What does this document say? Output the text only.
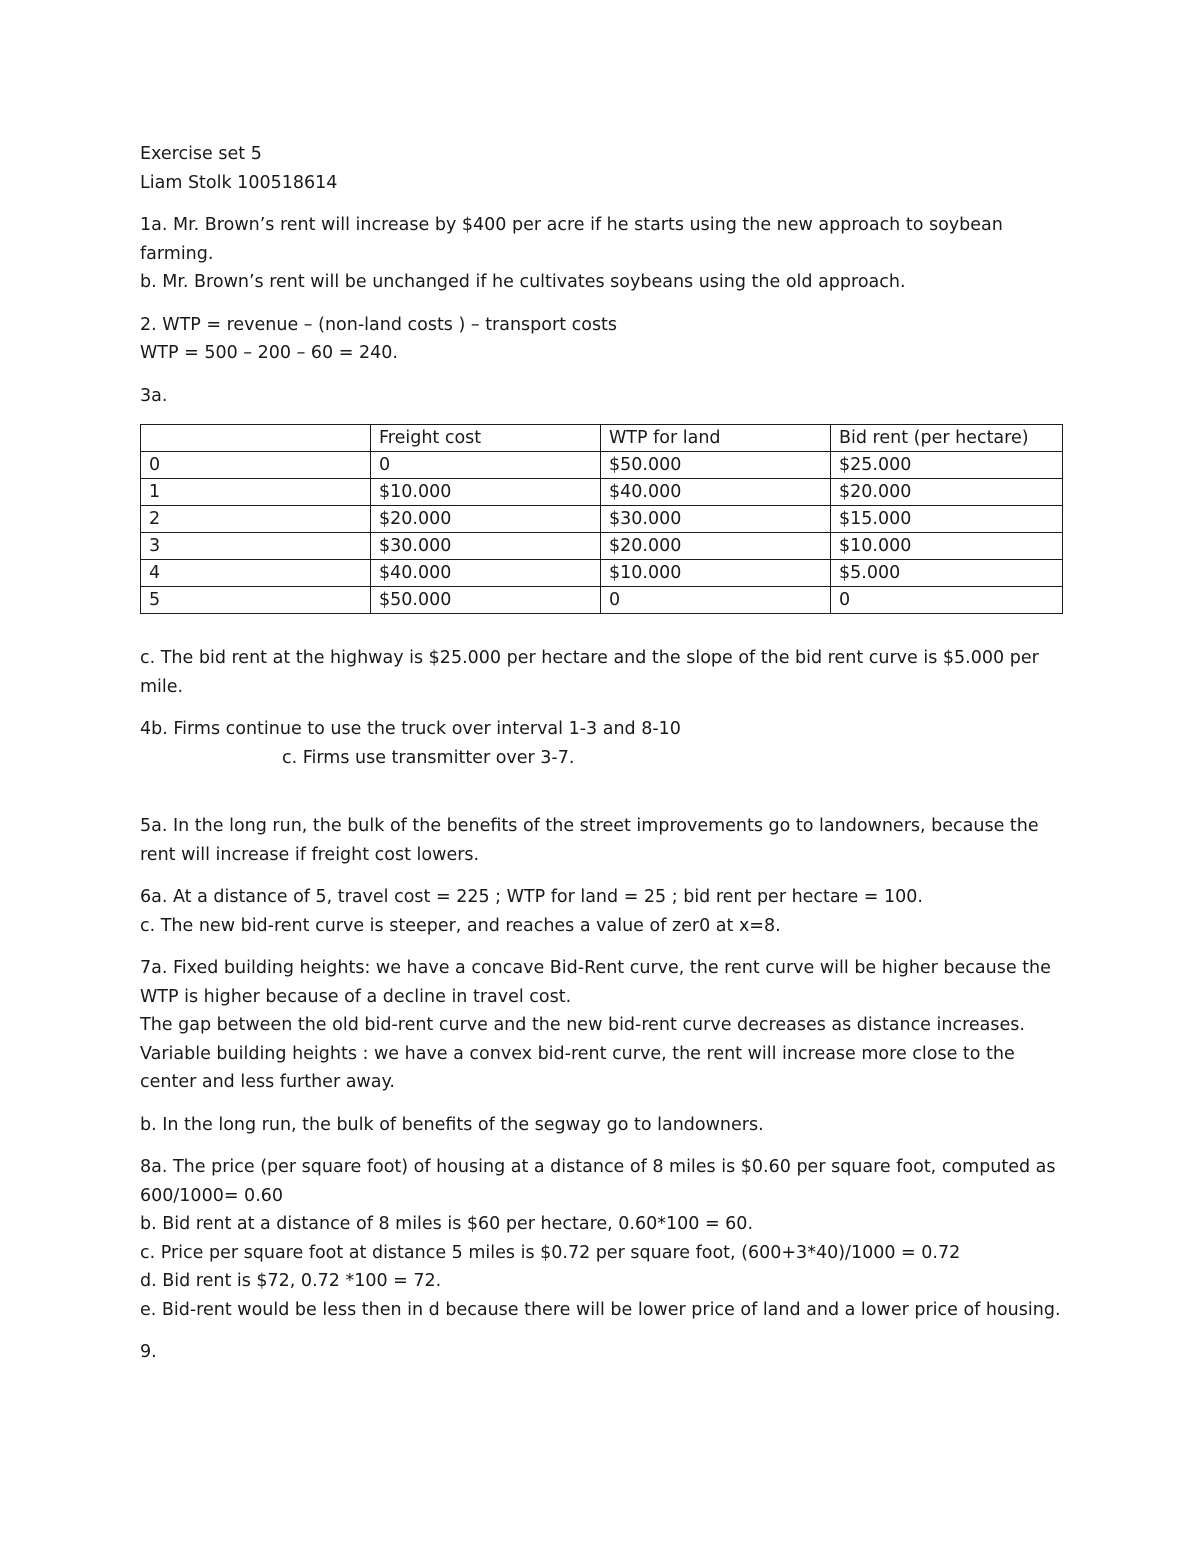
Exercise set 5
Liam Stolk 100518614
1a. Mr. Brown’s rent will increase by $400 per acre if he starts using the new approach to soybean farming.
b. Mr. Brown’s rent will be unchanged if he cultivates soybeans using the old approach.
2. WTP = revenue – (non-land costs ) – transport costs
WTP = 500 – 200 – 60 = 240.
3a.
	Freight cost	WTP for land	Bid rent (per hectare)
0	0	$50.000	$25.000
1	$10.000	$40.000	$20.000
2	$20.000	$30.000	$15.000
3	$30.000	$20.000	$10.000
4	$40.000	$10.000	$5.000
5	$50.000	0	0
c. The bid rent at the highway is $25.000 per hectare and the slope of the bid rent curve is $5.000 per mile.
4b. Firms continue to use the truck over interval 1-3 and 8-10
c. Firms use transmitter over 3-7.
5a. In the long run, the bulk of the benefits of the street improvements go to landowners, because the rent will increase if freight cost lowers.
6a. At a distance of 5, travel cost = 225 ; WTP for land = 25 ; bid rent per hectare = 100.
c. The new bid-rent curve is steeper, and reaches a value of zer0 at x=8.
7a. Fixed building heights: we have a concave Bid-Rent curve, the rent curve will be higher because the WTP is higher because of a decline in travel cost.
The gap between the old bid-rent curve and the new bid-rent curve decreases as distance increases.
Variable building heights : we have a convex bid-rent curve, the rent will increase more close to the center and less further away.
b. In the long run, the bulk of benefits of the segway go to landowners.
8a. The price (per square foot) of housing at a distance of 8 miles is $0.60 per square foot, computed as 600/1000= 0.60
b. Bid rent at a distance of 8 miles is $60 per hectare, 0.60*100 = 60.
c. Price per square foot at distance 5 miles is $0.72 per square foot, (600+3*40)/1000 = 0.72
d. Bid rent is $72, 0.72 *100 = 72.
e. Bid-rent would be less then in d because there will be lower price of land and a lower price of housing.
9.
